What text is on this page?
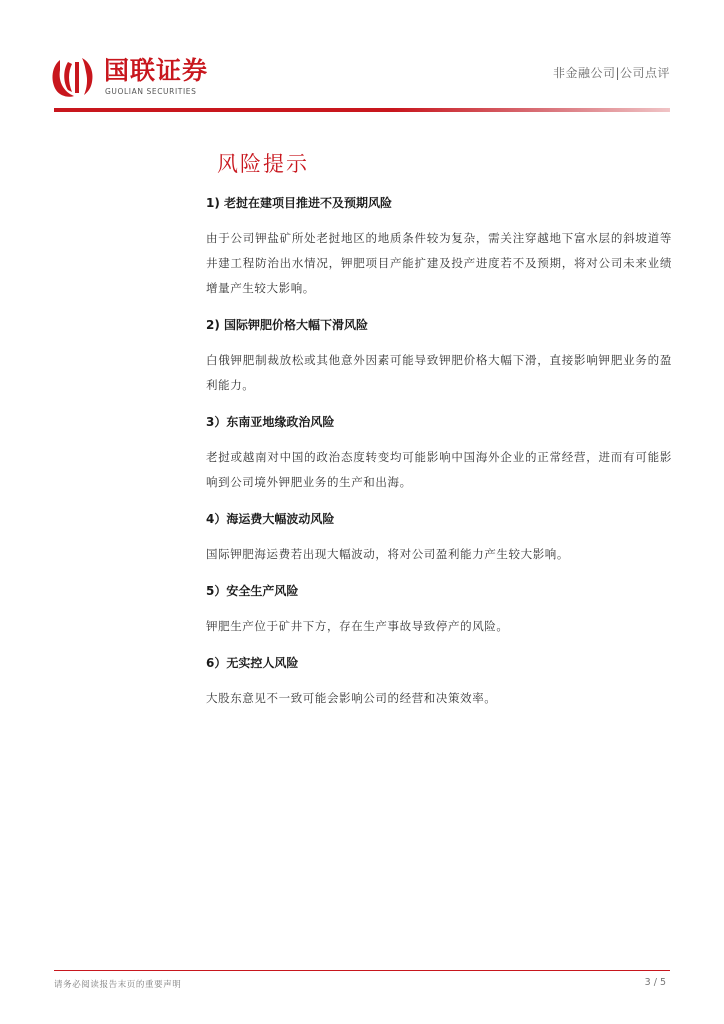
国联证券
GUOLIAN SECURITIES
非金融公司|公司点评
风险提示

1) 老挝在建项目推进不及预期风险

由于公司钾盐矿所处老挝地区的地质条件较为复杂，需关注穿越地下富水层的斜坡道等井建工程防治出水情况，钾肥项目产能扩建及投产进度若不及预期，将对公司未来业绩增量产生较大影响。

2) 国际钾肥价格大幅下滑风险

白俄钾肥制裁放松或其他意外因素可能导致钾肥价格大幅下滑，直接影响钾肥业务的盈利能力。

3）东南亚地缘政治风险

老挝或越南对中国的政治态度转变均可能影响中国海外企业的正常经营，进而有可能影响到公司境外钾肥业务的生产和出海。

4）海运费大幅波动风险

国际钾肥海运费若出现大幅波动，将对公司盈利能力产生较大影响。

5）安全生产风险

钾肥生产位于矿井下方，存在生产事故导致停产的风险。

6）无实控人风险

大股东意见不一致可能会影响公司的经营和决策效率。

请务必阅读报告末页的重要声明	3 / 5
